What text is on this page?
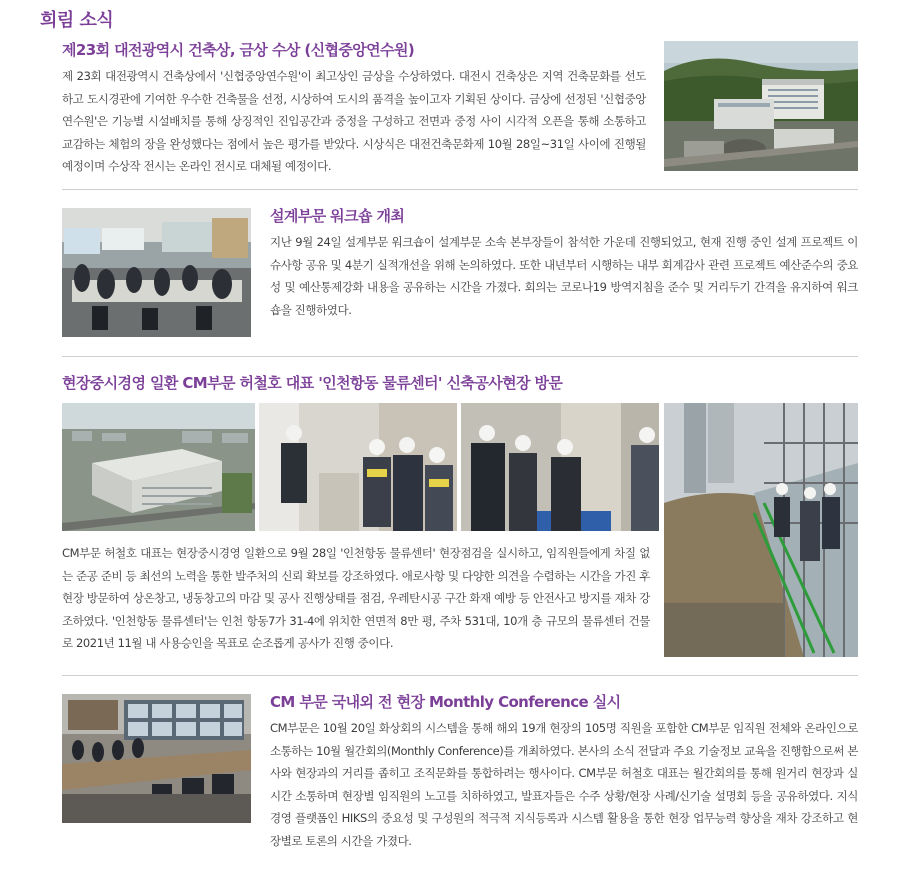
희림 소식
제23회 대전광역시 건축상, 금상 수상 (신협중앙연수원)
제 23회 대전광역시 건축상에서 '신협중앙연수원'이 최고상인 금상을 수상하였다. 대전시 건축상은 지역 건축문화를 선도하고 도시경관에 기여한 우수한 건축물을 선정, 시상하여 도시의 품격을 높이고자 기획된 상이다. 금상에 선정된 '신협중앙연수원'은 기능별 시설배치를 통해 상징적인 진입공간과 중정을 구성하고 전면과 중정 사이 시각적 오픈을 통해 소통하고 교감하는 체험의 장을 완성했다는 점에서 높은 평가를 받았다. 시상식은 대전건축문화제 10월 28일~31일 사이에 진행될 예정이며 수상작 전시는 온라인 전시로 대체될 예정이다.
설계부문 워크숍 개최
지난 9월 24일 설계부문 워크숍이 설계부문 소속 본부장들이 참석한 가운데 진행되었고, 현재 진행 중인 설계 프로젝트 이슈사항 공유 및 4분기 실적개선을 위해 논의하였다. 또한 내년부터 시행하는 내부 회계감사 관련 프로젝트 예산준수의 중요성 및 예산통제강화 내용을 공유하는 시간을 가졌다. 회의는 코로나19 방역지침을 준수 및 거리두기 간격을 유지하여 워크숍을 진행하였다.
현장중시경영 일환 CM부문 허철호 대표 '인천항동 물류센터' 신축공사현장 방문
CM부문 허철호 대표는 현장중시경영 일환으로 9월 28일 '인천항동 물류센터' 현장점검을 실시하고, 임직원들에게 차질 없는 준공 준비 등 최선의 노력을 통한 발주처의 신뢰 확보를 강조하였다. 애로사항 및 다양한 의견을 수렴하는 시간을 가진 후 현장 방문하여 상온창고, 냉동창고의 마감 및 공사 진행상태를 점검, 우레탄시공 구간 화재 예방 등 안전사고 방지를 재차 강조하였다. '인천항동 물류센터'는 인천 항동7가 31-4에 위치한 연면적 8만 평, 주차 531대, 10개 층 규모의 물류센터 건물로 2021년 11월 내 사용승인을 목표로 순조롭게 공사가 진행 중이다.
CM 부문 국내외 전 현장 Monthly Conference 실시
CM부문은 10월 20일 화상회의 시스템을 통해 해외 19개 현장의 105명 직원을 포함한 CM부문 임직원 전체와 온라인으로 소통하는 10월 월간회의(Monthly Conference)를 개최하였다. 본사의 소식 전달과 주요 기술정보 교육을 진행함으로써 본사와 현장과의 거리를 좁히고 조직문화를 통합하려는 행사이다. CM부문 허철호 대표는 월간회의를 통해 원거리 현장과 실시간 소통하며 현장별 임직원의 노고를 치하하였고, 발표자들은 수주 상황/현장 사례/신기술 설명회 등을 공유하였다. 지식경영 플랫폼인 HIKS의 중요성 및 구성원의 적극적 지식등록과 시스템 활용을 통한 현장 업무능력 향상을 재차 강조하고 현장별로 토론의 시간을 가졌다.
